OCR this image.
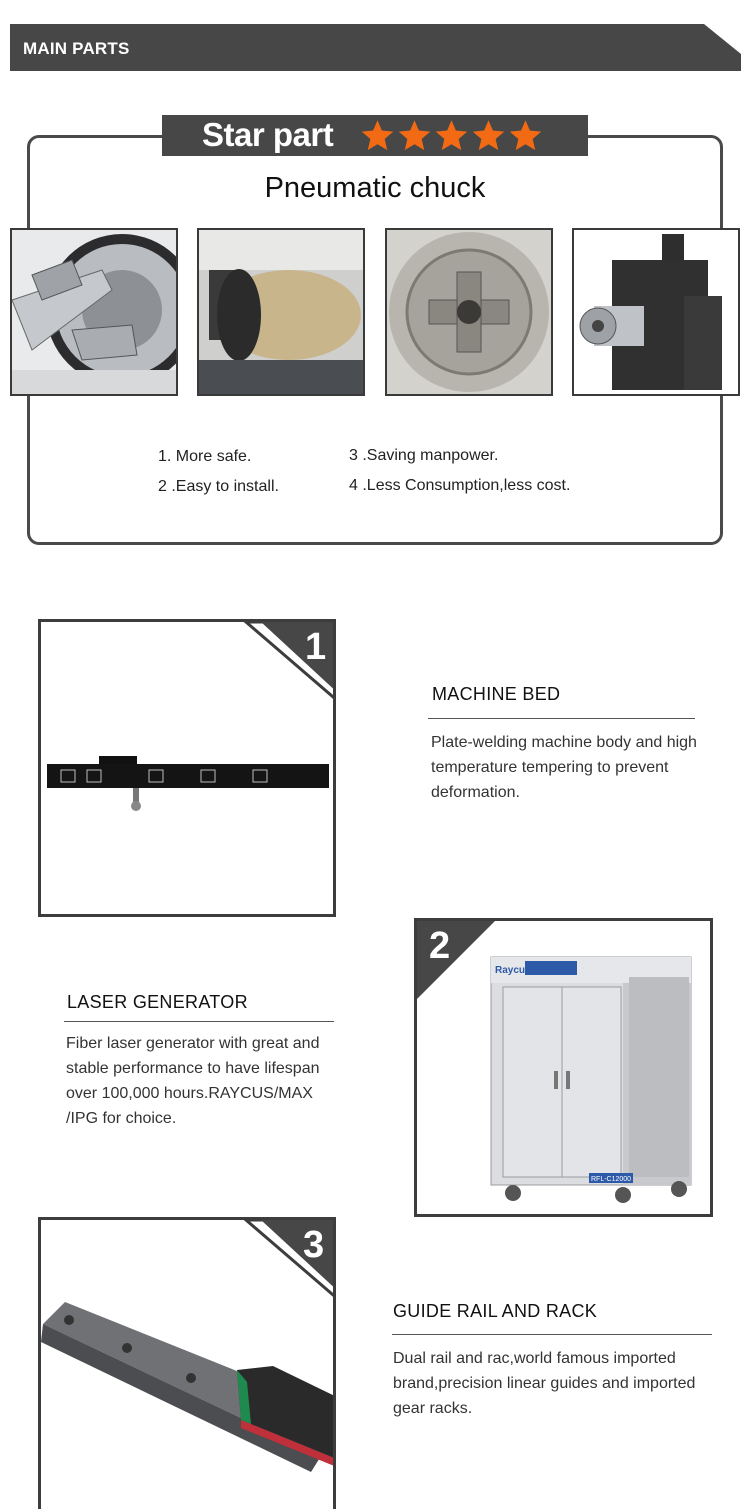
MAIN PARTS
Star part
Pneumatic chuck
1. More safe.
2 .Easy to install.
3 .Saving manpower.
4 .Less Consumption,less cost.
1
MACHINE BED
Plate-welding machine body and high
temperature tempering to prevent
deformation.
LASER GENERATOR
Fiber laser generator with great and
stable performance to have lifespan
over 100,000 hours.RAYCUS/MAX
/IPG for choice.
RFL-C12000
Raycus
2
3
GUIDE RAIL AND RACK
Dual rail and rac,world famous imported
brand,precision linear guides and imported
gear racks.
